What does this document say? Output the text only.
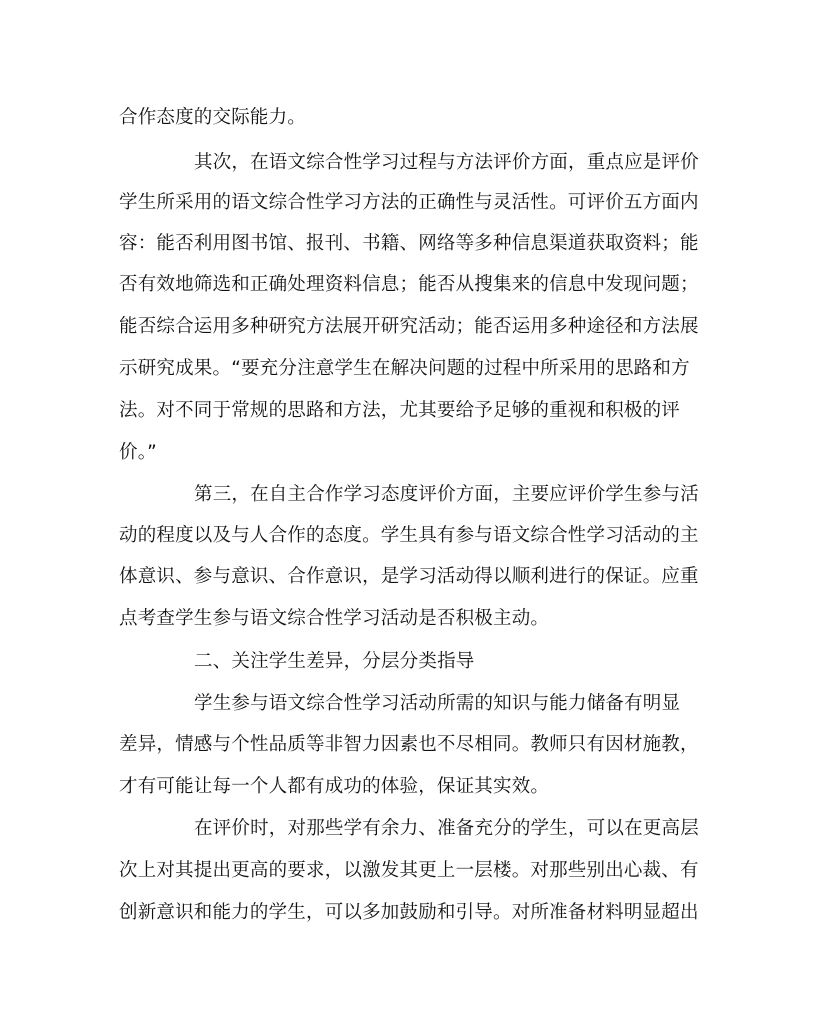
合作态度的交际能力。
其次，在语文综合性学习过程与方法评价方面，重点应是评价
学生所采用的语文综合性学习方法的正确性与灵活性。可评价五方面内
容：能否利用图书馆、报刊、书籍、网络等多种信息渠道获取资料；能
否有效地筛选和正确处理资料信息；能否从搜集来的信息中发现问题；
能否综合运用多种研究方法展开研究活动；能否运用多种途径和方法展
示研究成果。“要充分注意学生在解决问题的过程中所采用的思路和方
法。对不同于常规的思路和方法，尤其要给予足够的重视和积极的评
价。”
第三，在自主合作学习态度评价方面，主要应评价学生参与活
动的程度以及与人合作的态度。学生具有参与语文综合性学习活动的主
体意识、参与意识、合作意识，是学习活动得以顺利进行的保证。应重
点考查学生参与语文综合性学习活动是否积极主动。
二、关注学生差异，分层分类指导
学生参与语文综合性学习活动所需的知识与能力储备有明显
差异，情感与个性品质等非智力因素也不尽相同。教师只有因材施教，
才有可能让每一个人都有成功的体验，保证其实效。
在评价时，对那些学有余力、准备充分的学生，可以在更高层
次上对其提出更高的要求，以激发其更上一层楼。对那些别出心裁、有
创新意识和能力的学生，可以多加鼓励和引导。对所准备材料明显超出
